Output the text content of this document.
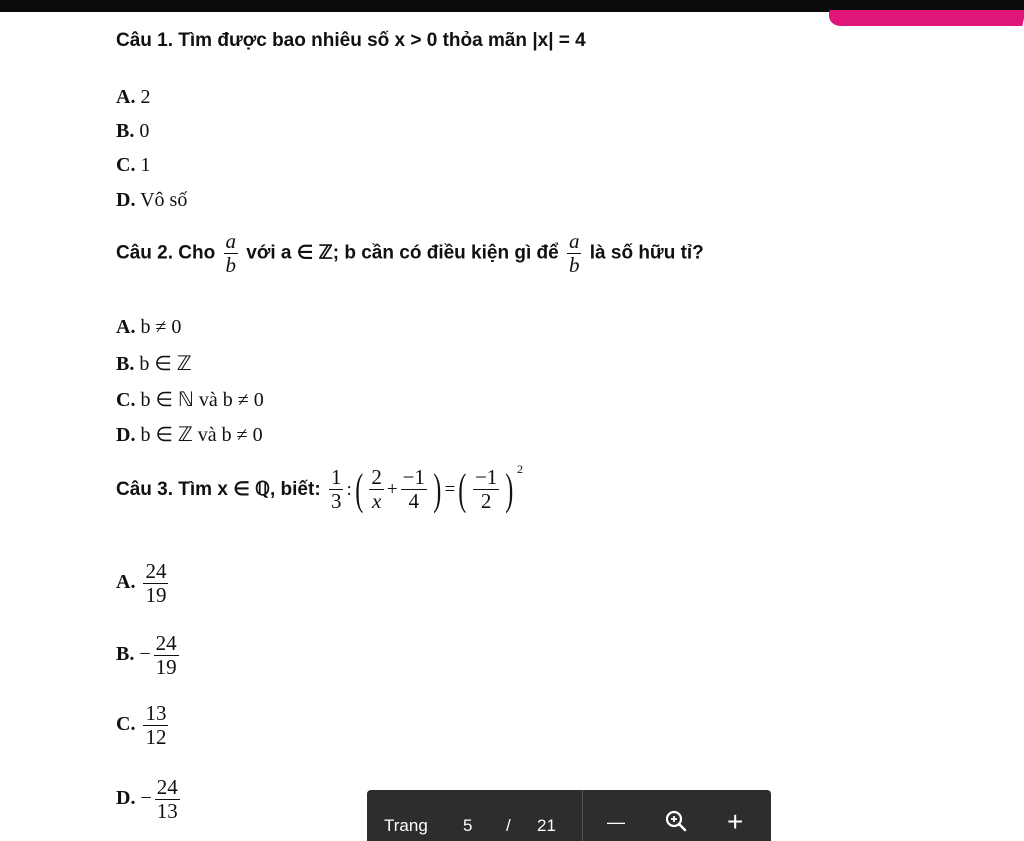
Câu 1. Tìm được bao nhiêu số x > 0 thỏa mãn |x| = 4
A. 2
B. 0
C. 1
D. Vô số
Câu 2. Cho $\frac{a}{b}$ với a ∈ ℤ; b cần có điều kiện gì để $\frac{a}{b}$ là số hữu tỉ?
A. b ≠ 0
B. b ∈ ℤ
C. b ∈ ℕ và b ≠ 0
D. b ∈ ℤ và b ≠ 0
Câu 3. Tìm x ∈ ℚ, biết: $\frac{1}{3}$ :( $\frac{2}{x} + \frac{-1}{4}$ ) =( $\frac{-1}{2}$ ) $^2$
A. $\frac{24}{19}$
B. − $\frac{24}{19}$
C. $\frac{13}{12}$
D. − $\frac{24}{13}$
Trang 5 / 21	—	+
